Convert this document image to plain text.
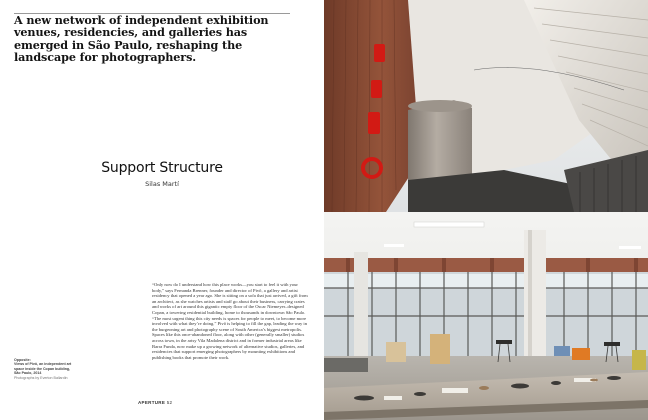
A new network of independent exhibition venues, residencies, and galleries has emerged in São Paulo, reshaping the landscape for photographers.
Support Structure
Silas Martí

“Only now do I understand how this place works—you start to feel it with your body,” says Fernanda Brenner, founder and director of Pivô, a gallery and artist residency that opened a year ago. She is sitting on a sofa that just arrived, a gift from an architect, as she watches artists and staff go about their business, carrying crates and works of art around this gigantic empty floor of the Oscar Niemeyer–designed Copan, a towering residential building, home to thousands in downtown São Paulo. “The most urgent thing this city needs is spaces for people to meet, to become more involved with what they’re doing.” Pivô is helping to fill the gap, leading the way in the burgeoning art and photography scene of South America’s biggest metropolis. Spaces like this once-abandoned floor, along with other (generally smaller) studios across town, in the artsy Vila Madalena district and in former industrial areas like Barra Funda, now make up a growing network of alternative studios, galleries, and residencies that support emerging photographers by mounting exhibitions and publishing books that promote their work.

Opposite:
Views of Pivô, an independent art space inside the Copan building, São Paulo, 2014
Photographs by Everton Ballardin
APERTURE 52
